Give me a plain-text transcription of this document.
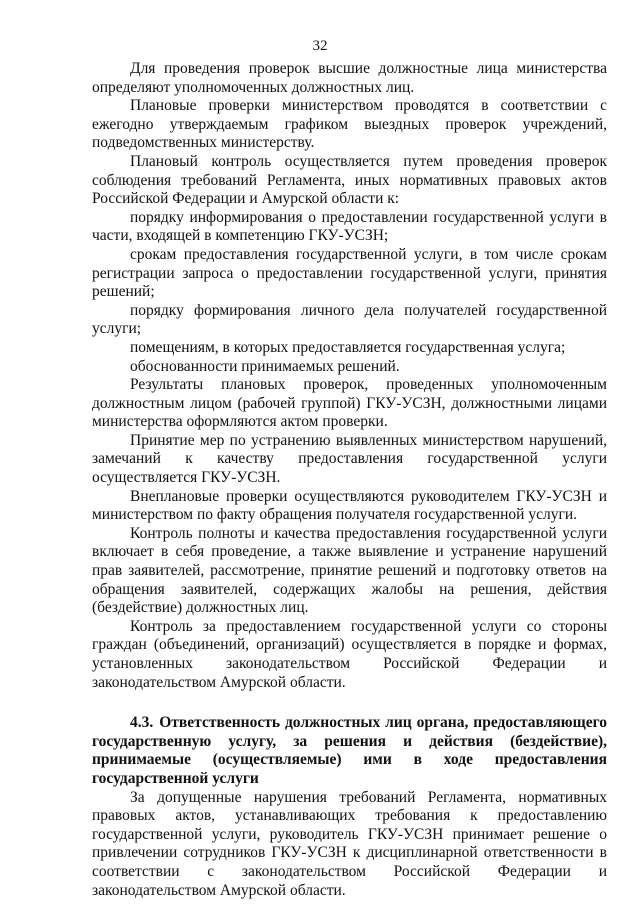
32

Для проведения проверок высшие должностные лица министерства определяют уполномоченных должностных лиц.

Плановые проверки министерством проводятся в соответствии с ежегодно утверждаемым графиком выездных проверок учреждений, подведомственных министерству.

Плановый контроль осуществляется путем проведения проверок соблюдения требований Регламента, иных нормативных правовых актов Российской Федерации и Амурской области к:

порядку информирования о предоставлении государственной услуги в части, входящей в компетенцию ГКУ-УСЗН;

срокам предоставления государственной услуги, в том числе срокам регистрации запроса о предоставлении государственной услуги, принятия решений;

порядку формирования личного дела получателей государственной услуги;

помещениям, в которых предоставляется государственная услуга;

обоснованности принимаемых решений.

Результаты плановых проверок, проведенных уполномоченным должностным лицом (рабочей группой) ГКУ-УСЗН, должностными лицами министерства оформляются актом проверки.

Принятие мер по устранению выявленных министерством нарушений, замечаний к качеству предоставления государственной услуги осуществляется ГКУ-УСЗН.

Внеплановые проверки осуществляются руководителем ГКУ-УСЗН и министерством по факту обращения получателя государственной услуги.

Контроль полноты и качества предоставления государственной услуги включает в себя проведение, а также выявление и устранение нарушений прав заявителей, рассмотрение, принятие решений и подготовку ответов на обращения заявителей, содержащих жалобы на решения, действия (бездействие) должностных лиц.

Контроль за предоставлением государственной услуги со стороны граждан (объединений, организаций) осуществляется в порядке и формах, установленных законодательством Российской Федерации и законодательством Амурской области.

4.3. Ответственность должностных лиц органа, предоставляющего государственную услугу, за решения и действия (бездействие), принимаемые (осуществляемые) ими в ходе предоставления государственной услуги

За допущенные нарушения требований Регламента, нормативных правовых актов, устанавливающих требования к предоставлению государственной услуги, руководитель ГКУ-УСЗН принимает решение о привлечении сотрудников ГКУ-УСЗН к дисциплинарной ответственности в соответствии с законодательством Российской Федерации и законодательством Амурской области.
